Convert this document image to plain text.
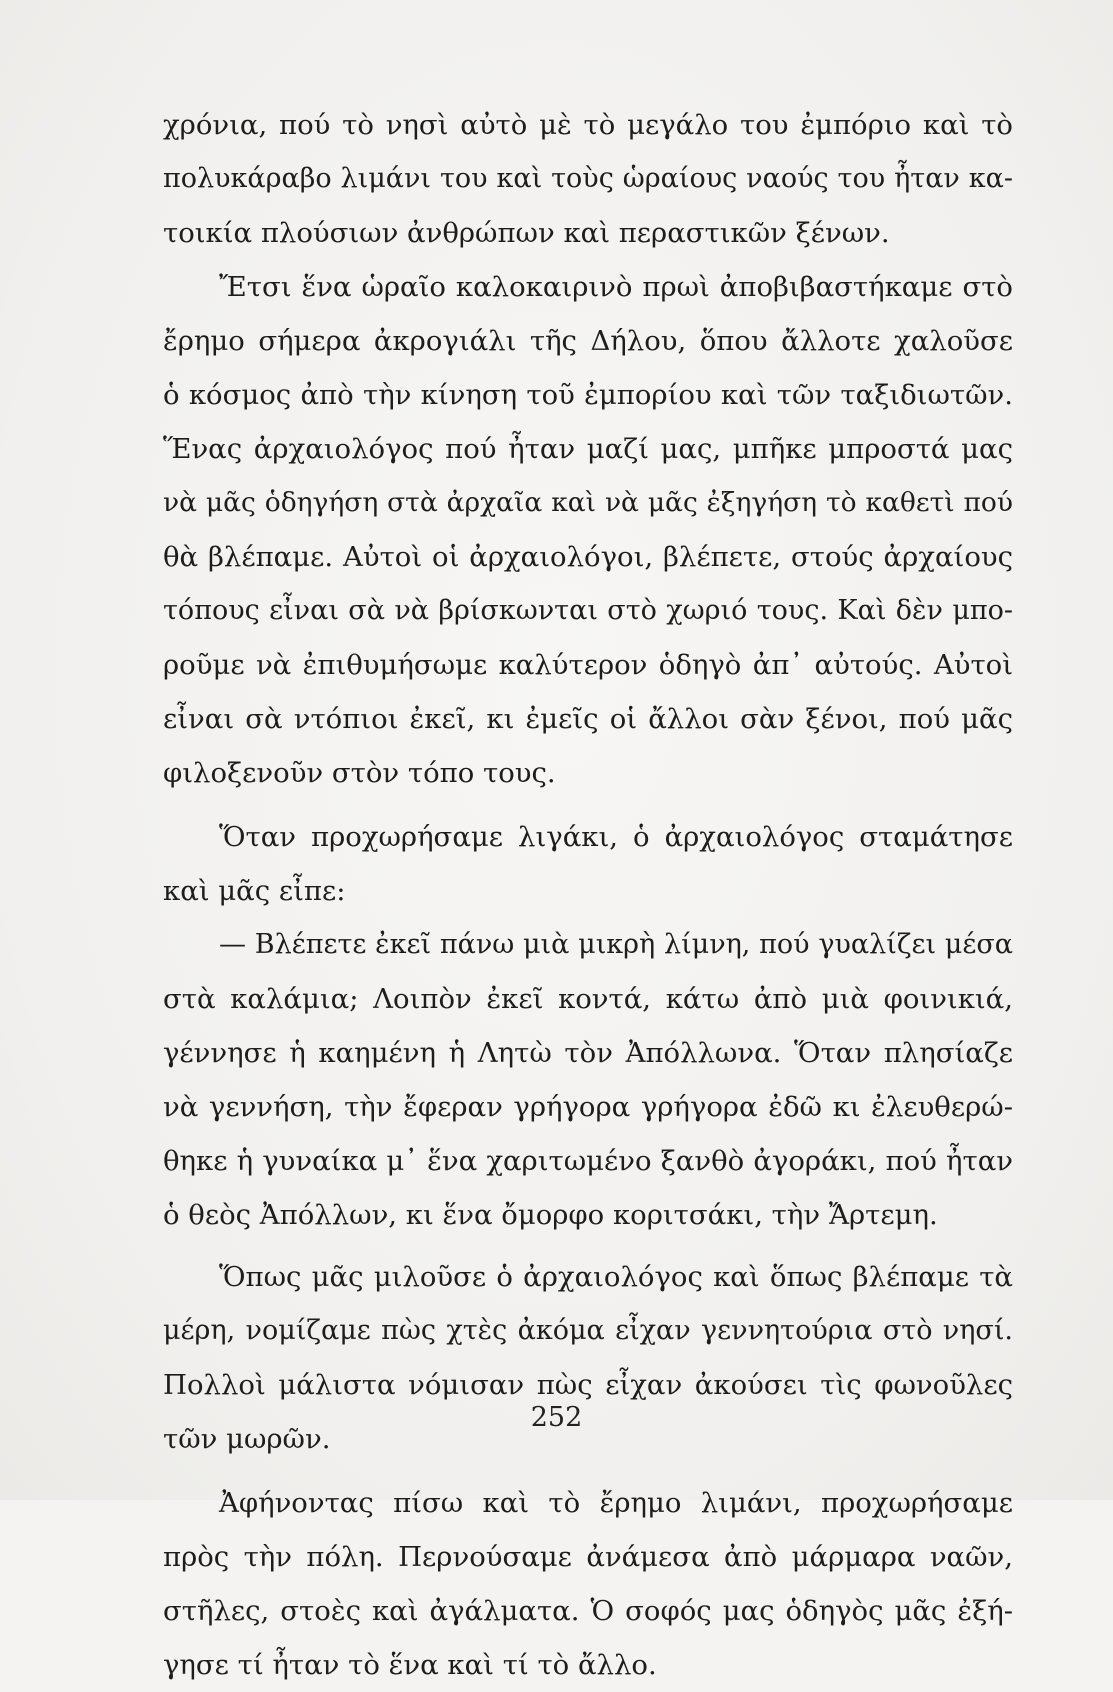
χρόνια, πού τὸ νησὶ αὐτὸ μὲ τὸ μεγάλο του ἐμπόριο καὶ τὸ
πολυκάραβο λιμάνι του καὶ τοὺς ὡραίους ναούς του ἦταν κα-
τοικία πλούσιων ἀνθρώπων καὶ περαστικῶν ξένων.
Ἔτσι ἕνα ὡραῖο καλοκαιρινὸ πρωὶ ἀποβιβαστήκαμε στὸ
ἔρημο σήμερα ἀκρογιάλι τῆς Δήλου, ὅπου ἄλλοτε χαλοῦσε
ὁ κόσμος ἀπὸ τὴν κίνηση τοῦ ἐμπορίου καὶ τῶν ταξιδιωτῶν.
Ἕνας ἀρχαιολόγος πού ἦταν μαζί μας, μπῆκε μπροστά μας
νὰ μᾶς ὁδηγήση στὰ ἀρχαῖα καὶ νὰ μᾶς ἐξηγήση τὸ καθετὶ πού
θὰ βλέπαμε. Αὐτοὶ οἱ ἀρχαιολόγοι, βλέπετε, στούς ἀρχαίους
τόπους εἶναι σὰ νὰ βρίσκωνται στὸ χωριό τους. Καὶ δὲν μπο-
ροῦμε νὰ ἐπιθυμήσωμε καλύτερον ὁδηγὸ ἀπ᾽ αὐτούς. Αὐτοὶ
εἶναι σὰ ντόπιοι ἐκεῖ, κι ἐμεῖς οἱ ἄλλοι σὰν ξένοι, πού μᾶς
φιλοξενοῦν στὸν τόπο τους.
Ὅταν προχωρήσαμε λιγάκι, ὁ ἀρχαιολόγος σταμάτησε
καὶ μᾶς εἶπε:
— Βλέπετε ἐκεῖ πάνω μιὰ μικρὴ λίμνη, πού γυαλίζει μέσα
στὰ καλάμια; Λοιπὸν ἐκεῖ κοντά, κάτω ἀπὸ μιὰ φοινικιά,
γέννησε ἡ καημένη ἡ Λητὼ τὸν Ἀπόλλωνα. Ὅταν πλησίαζε
νὰ γεννήση, τὴν ἔφεραν γρήγορα γρήγορα ἐδῶ κι ἐλευθερώ-
θηκε ἡ γυναίκα μ᾽ ἕνα χαριτωμένο ξανθὸ ἀγοράκι, πού ἦταν
ὁ θεὸς Ἀπόλλων, κι ἕνα ὄμορφο κοριτσάκι, τὴν Ἄρτεμη.
Ὅπως μᾶς μιλοῦσε ὁ ἀρχαιολόγος καὶ ὅπως βλέπαμε τὰ
μέρη, νομίζαμε πὼς χτὲς ἀκόμα εἶχαν γεννητούρια στὸ νησί.
Πολλοὶ μάλιστα νόμισαν πὼς εἶχαν ἀκούσει τὶς φωνοῦλες
τῶν μωρῶν.
Ἀφήνοντας πίσω καὶ τὸ ἔρημο λιμάνι, προχωρήσαμε
πρὸς τὴν πόλη. Περνούσαμε ἀνάμεσα ἀπὸ μάρμαρα ναῶν,
στῆλες, στοὲς καὶ ἀγάλματα. Ὁ σοφός μας ὁδηγὸς μᾶς ἐξή-
γησε τί ἦταν τὸ ἕνα καὶ τί τὸ ἄλλο.
252
